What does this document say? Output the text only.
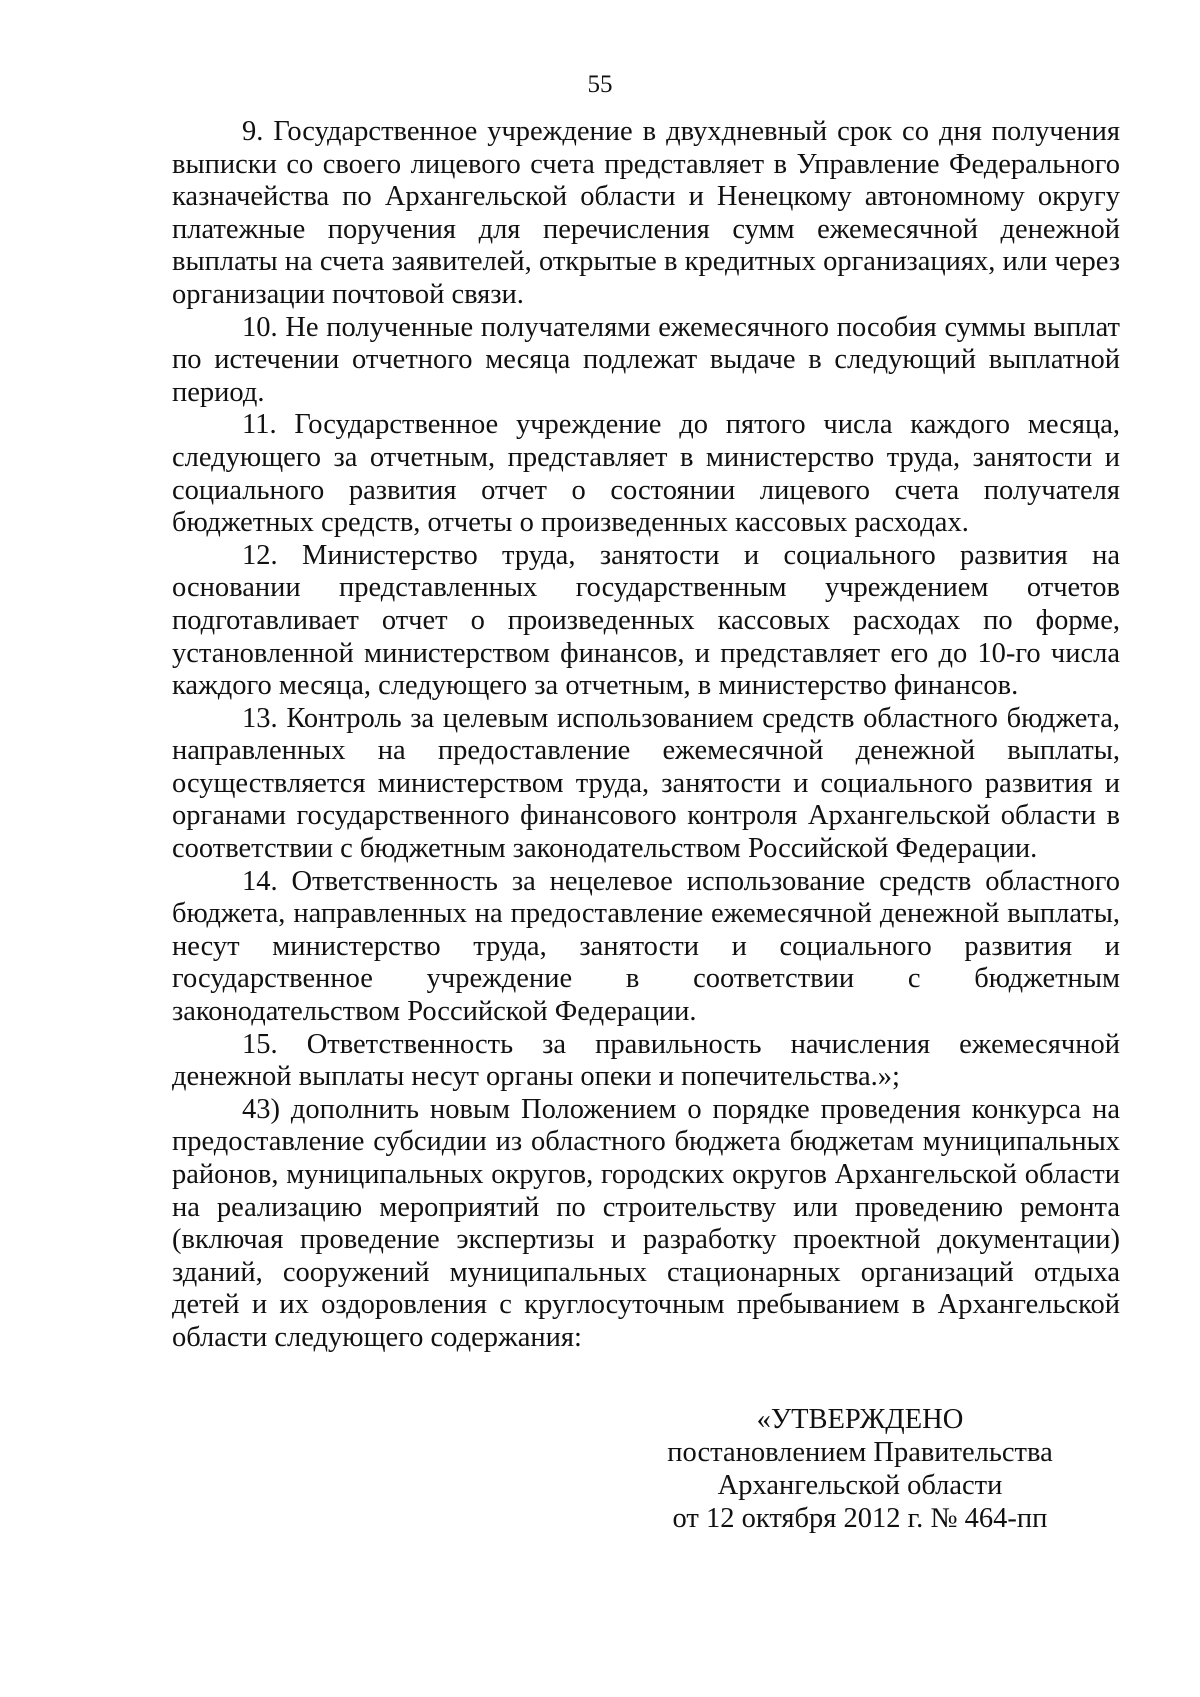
55

9. Государственное учреждение в двухдневный срок со дня получения выписки со своего лицевого счета представляет в Управление Федерального казначейства по Архангельской области и Ненецкому автономному округу платежные поручения для перечисления сумм ежемесячной денежной выплаты на счета заявителей, открытые в кредитных организациях, или через организации почтовой связи.

10. Не полученные получателями ежемесячного пособия суммы выплат по истечении отчетного месяца подлежат выдаче в следующий выплатной период.

11. Государственное учреждение до пятого числа каждого месяца, следующего за отчетным, представляет в министерство труда, занятости и социального развития отчет о состоянии лицевого счета получателя бюджетных средств, отчеты о произведенных кассовых расходах.

12. Министерство труда, занятости и социального развития на основании представленных государственным учреждением отчетов подготавливает отчет о произведенных кассовых расходах по форме, установленной министерством финансов, и представляет его до 10-го числа каждого месяца, следующего за отчетным, в министерство финансов.

13. Контроль за целевым использованием средств областного бюджета, направленных на предоставление ежемесячной денежной выплаты, осуществляется министерством труда, занятости и социального развития и органами государственного финансового контроля Архангельской области в соответствии с бюджетным законодательством Российской Федерации.

14. Ответственность за нецелевое использование средств областного бюджета, направленных на предоставление ежемесячной денежной выплаты, несут министерство труда, занятости и социального развития и государственное учреждение в соответствии с бюджетным законодательством Российской Федерации.

15. Ответственность за правильность начисления ежемесячной денежной выплаты несут органы опеки и попечительства.»;

43) дополнить новым Положением о порядке проведения конкурса на предоставление субсидии из областного бюджета бюджетам муниципальных районов, муниципальных округов, городских округов Архангельской области на реализацию мероприятий по строительству или проведению ремонта (включая проведение экспертизы и разработку проектной документации) зданий, сооружений муниципальных стационарных организаций отдыха детей и их оздоровления с круглосуточным пребыванием в Архангельской области следующего содержания:

«УТВЕРЖДЕНО
постановлением Правительства
Архангельской области
от 12 октября 2012 г. № 464-пп
